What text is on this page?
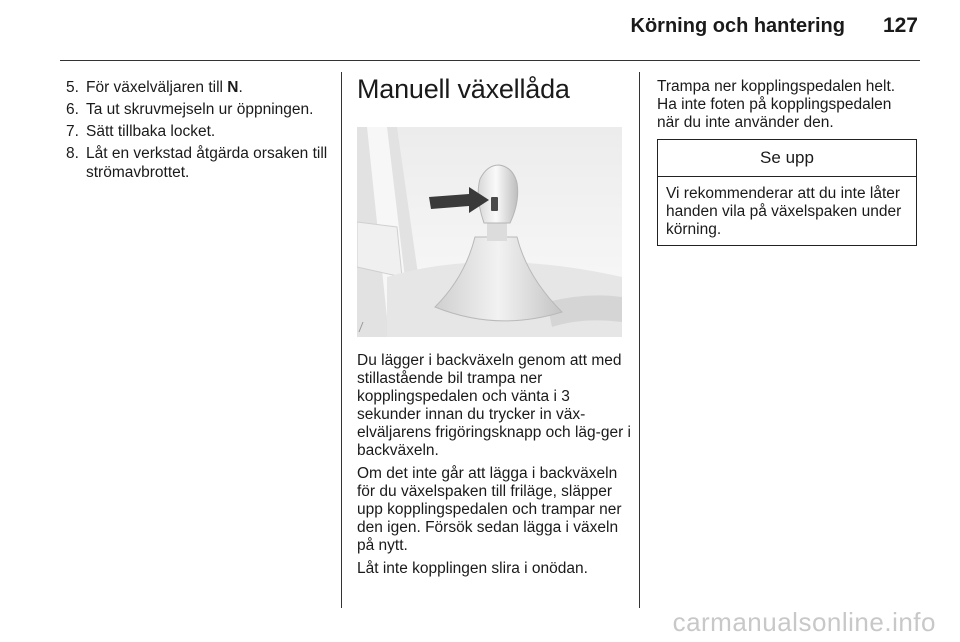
Körning och hantering 127
5. För växelväljaren till N.
6. Ta ut skruvmejseln ur öppningen.
7. Sätt tillbaka locket.
8. Låt en verkstad åtgärda orsaken till strömavbrottet.
Manuell växellåda

Du lägger i backväxeln genom att med stillastående bil trampa ner kopplingspedalen och vänta i 3 sekunder innan du trycker in väx-elväljarens frigöringsknapp och läg-ger i backväxeln.

Om det inte går att lägga i backväxeln för du växelspaken till friläge, släpper upp kopplingspedalen och trampar ner den igen. Försök sedan lägga i växeln på nytt.

Låt inte kopplingen slira i onödan.

Trampa ner kopplingspedalen helt. Ha inte foten på kopplingspedalen när du inte använder den.

Se upp
Vi rekommenderar att du inte låter handen vila på växelspaken under körning.
carmanualsonline.info
